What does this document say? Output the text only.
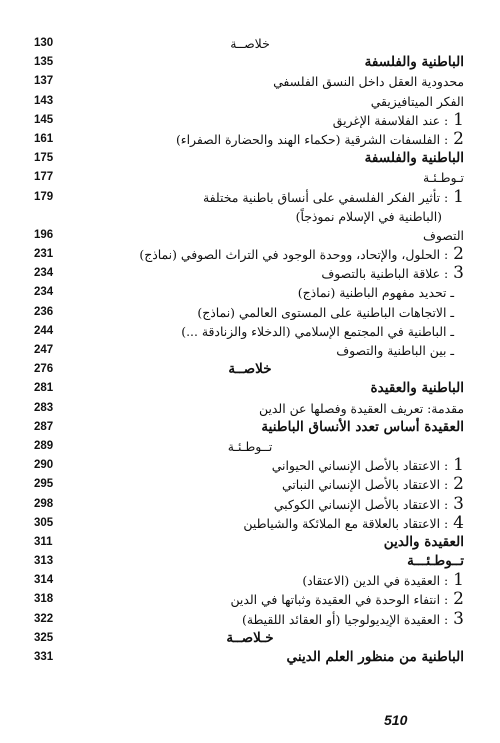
130	خلاصــة
135	الباطنية والفلسفة
137	محدودية العقل داخل النسق الفلسفي
143	الفكر الميتافيزيقي
145	1: عند الفلاسفة الإغريق
161	2: الفلسفات الشرقية (حكماء الهند والحضارة الصفراء)
175	الباطنية والفلسفة
177	تـوطـئـة
179	1: تأثير الفكر الفلسفي على أنساق باطنية مختلفة
(الباطنية في الإسلام نموذجاً)
196	التصوف
231	2: الحلول، والإتحاد، ووحدة الوجود في التراث الصوفي (نماذج)
234	3: علاقة الباطنية بالتصوف
234	ـ تحديد مفهوم الباطنية (نماذج)
236	ـ الاتجاهات الباطنية على المستوى العالمي (نماذج)
244	ـ الباطنية في المجتمع الإسلامي (الدخلاء والزنادقة ...)
247	ـ بين الباطنية والتصوف
276	خلاصــة
281	الباطنية والعقيدة
283	مقدمة: تعريف العقيدة وفصلها عن الدين
287	العقيدة أساس تعدد الأنساق الباطنية
289	تــوطـئـة
290	1: الاعتقاد بالأصل الإنساني الحيواني
295	2: الاعتقاد بالأصل الإنساني النباتي
298	3: الاعتقاد بالأصل الإنساني الكوكبي
305	4: الاعتقاد بالعلاقة مع الملائكة والشياطين
311	العقيدة والدين
313	تــوطـئـــة
314	1: العقيدة في الدين (الاعتقاد)
318	2: انتفاء الوحدة في العقيدة وثباتها في الدين
322	3: العقيدة الإيديولوجيا (أو العقائد اللقيطة)
325	خـلاصــة
331	الباطنية من منظور العلم الديني
510
